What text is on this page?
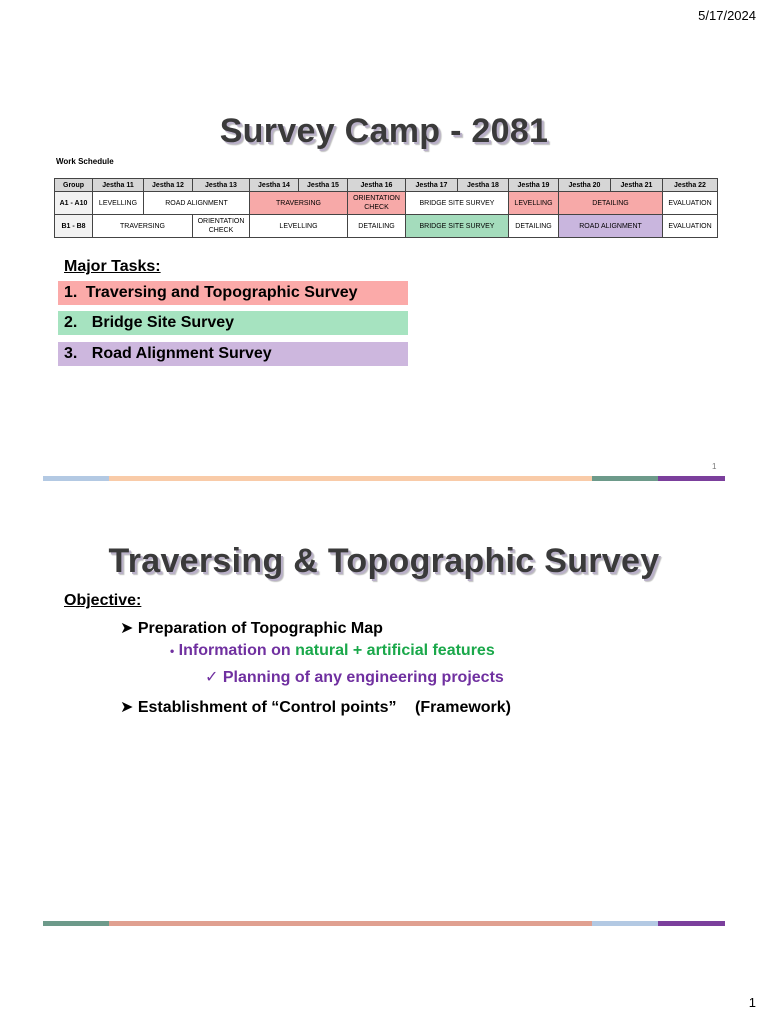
5/17/2024
Survey Camp - 2081
Work Schedule
Group	Jestha 11	Jestha 12	Jestha 13	Jestha 14	Jestha 15	Jestha 16	Jestha 17	Jestha 18	Jestha 19	Jestha 20	Jestha 21	Jestha 22
A1 - A10	LEVELLING	ROAD ALIGNMENT		TRAVERSING		ORIENTATION CHECK	BRIDGE SITE SURVEY		LEVELLING	DETAILING		EVALUATION
B1 - B8	TRAVERSING		ORIENTATION CHECK	LEVELLING		DETAILING	BRIDGE SITE SURVEY		DETAILING	ROAD ALIGNMENT		EVALUATION
Major Tasks:
1. Traversing and Topographic Survey
2. Bridge Site Survey
3. Road Alignment Survey
1
Traversing & Topographic Survey
Objective:
➤ Preparation of Topographic Map
• Information on natural + artificial features
✓ Planning of any engineering projects
➤ Establishment of “Control points” (Framework)
1
